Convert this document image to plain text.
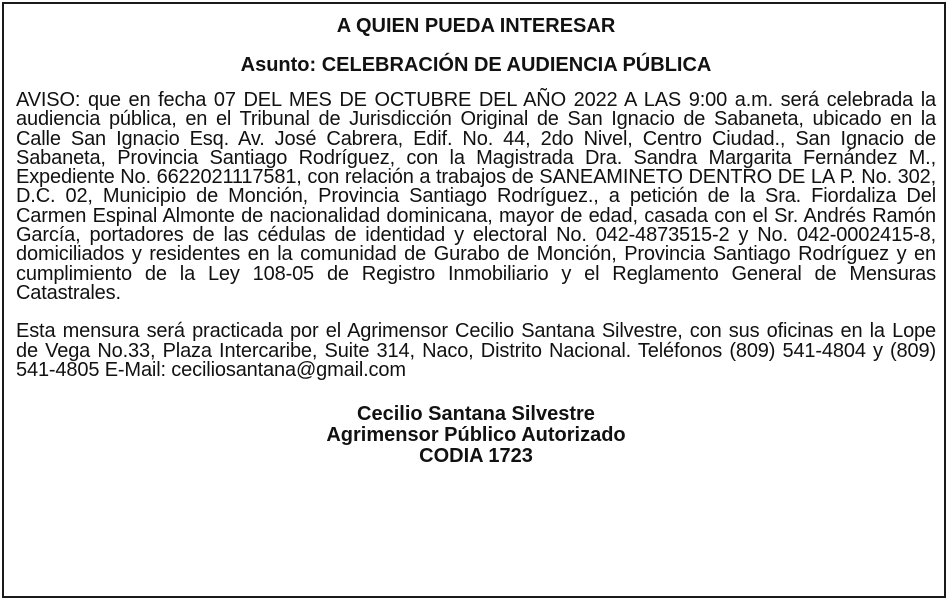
A QUIEN PUEDA INTERESAR
Asunto: CELEBRACIÓN DE AUDIENCIA PÚBLICA

AVISO: que en fecha 07 DEL MES DE OCTUBRE DEL AÑO 2022 A LAS 9:00 a.m. será celebrada la audiencia pública, en el Tribunal de Jurisdicción Original de San Ignacio de Sabaneta, ubicado en la Calle San Ignacio Esq. Av. José Cabrera, Edif. No. 44, 2do Nivel, Centro Ciudad., San Ignacio de Sabaneta, Provincia Santiago Rodríguez, con la Magistrada Dra. Sandra Margarita Fernández M., Expediente No. 6622021117581, con relación a trabajos de SANEAMINETO DENTRO DE LA P. No. 302, D.C. 02, Municipio de Monción, Provincia Santiago Rodríguez., a petición de la Sra. Fiordaliza Del Carmen Espinal Almonte de nacionalidad dominicana, mayor de edad, casada con el Sr. Andrés Ramón García, portadores de las cédulas de identidad y electoral No. 042-4873515-2 y No. 042-0002415-8, domiciliados y residentes en la comunidad de Gurabo de Monción, Provincia Santiago Rodríguez y en cumplimiento de la Ley 108-05 de Registro Inmobiliario y el Reglamento General de Mensuras Catastrales.

Esta mensura será practicada por el Agrimensor Cecilio Santana Silvestre, con sus oficinas en la Lope de Vega No.33, Plaza Intercaribe, Suite 314, Naco, Distrito Nacional. Teléfonos (809) 541-4804 y (809) 541-4805 E-Mail: ceciliosantana@gmail.com

Cecilio Santana Silvestre
Agrimensor Público Autorizado
CODIA 1723
